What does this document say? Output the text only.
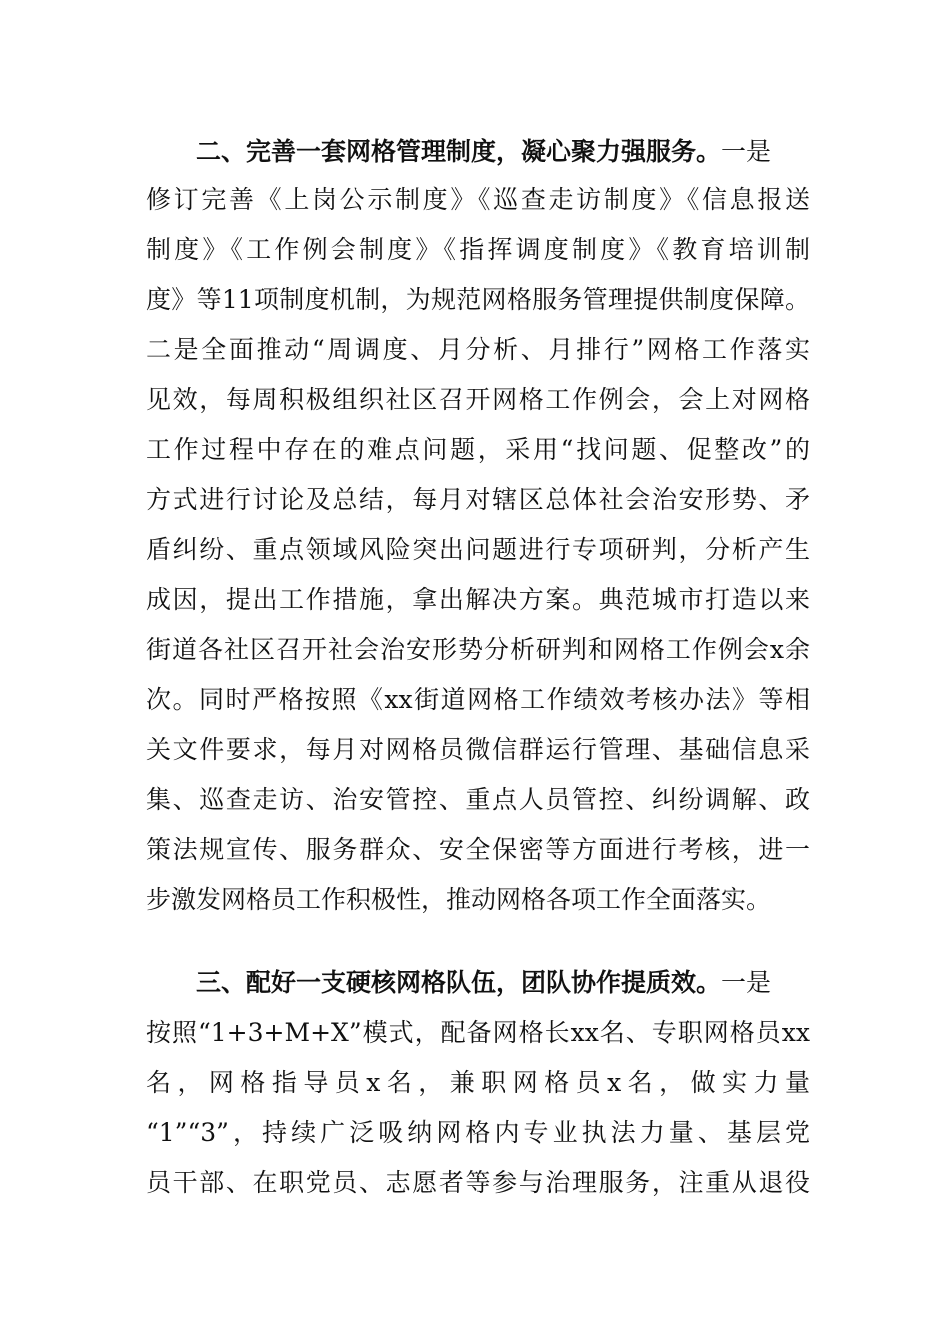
二、完善一套网格管理制度，凝心聚力强服务。一是
修订完善《上岗公示制度》《巡查走访制度》《信息报送
制度》《工作例会制度》《指挥调度制度》《教育培训制
度》等11项制度机制，为规范网格服务管理提供制度保障。
二是全面推动“周调度、月分析、月排行”网格工作落实
见效，每周积极组织社区召开网格工作例会，会上对网格
工作过程中存在的难点问题，采用“找问题、促整改”的
方式进行讨论及总结，每月对辖区总体社会治安形势、矛
盾纠纷、重点领域风险突出问题进行专项研判，分析产生
成因，提出工作措施，拿出解决方案。典范城市打造以来
街道各社区召开社会治安形势分析研判和网格工作例会x余
次。同时严格按照《xx街道网格工作绩效考核办法》等相
关文件要求，每月对网格员微信群运行管理、基础信息采
集、巡查走访、治安管控、重点人员管控、纠纷调解、政
策法规宣传、服务群众、安全保密等方面进行考核，进一
步激发网格员工作积极性，推动网格各项工作全面落实。
三、配好一支硬核网格队伍，团队协作提质效。一是
按照“1+3+M+X”模式，配备网格长xx名、专职网格员xx
名，网格指导员x名，兼职网格员x名，做实力量
“1”“3”，持续广泛吸纳网格内专业执法力量、基层党
员干部、在职党员、志愿者等参与治理服务，注重从退役
